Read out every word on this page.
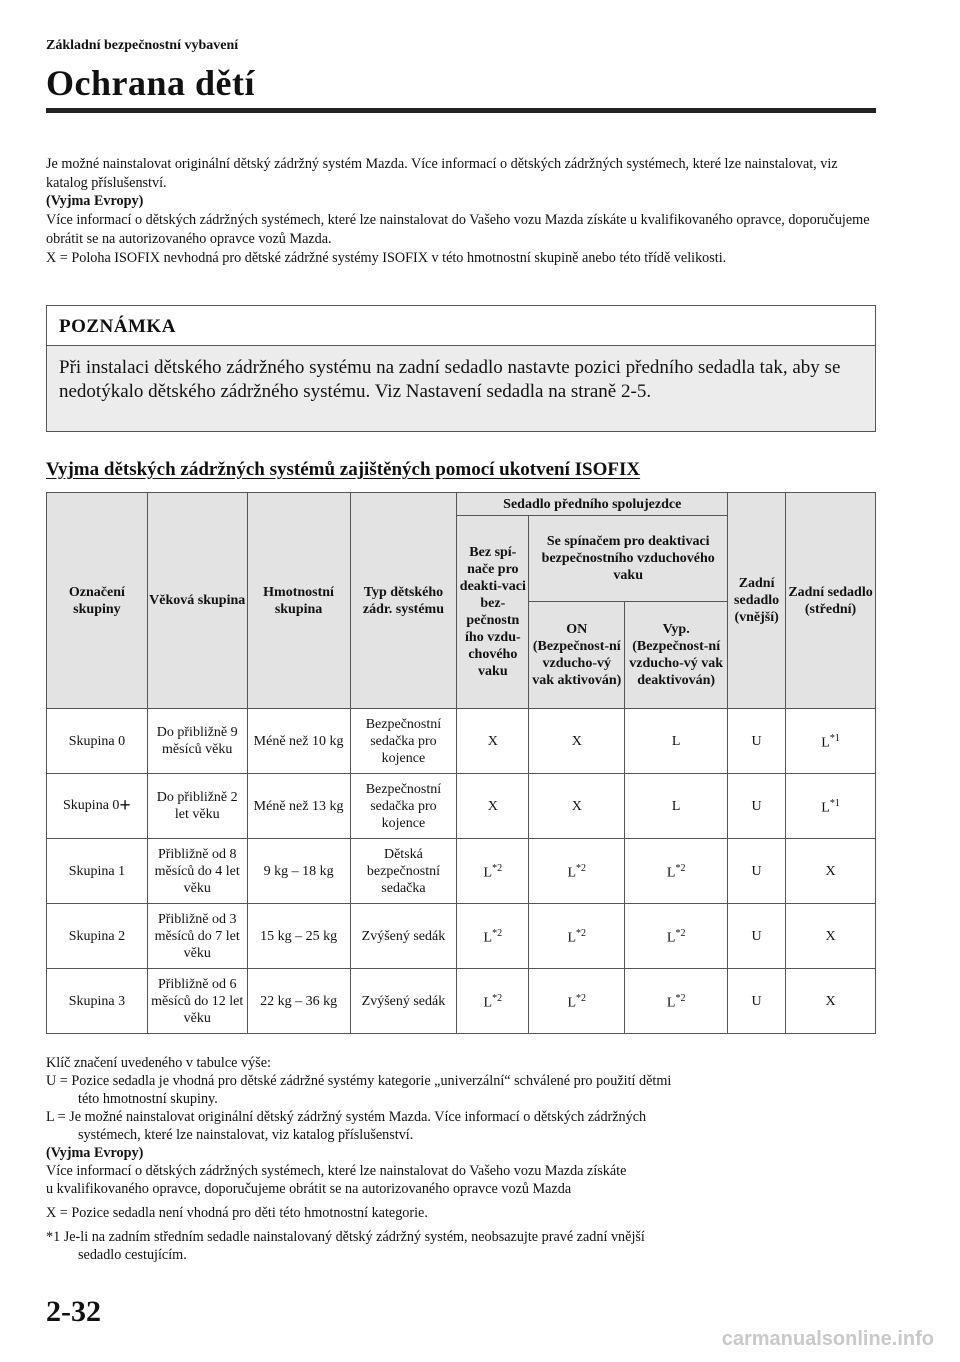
Základní bezpečnostní vybavení
Ochrana dětí

Je možné nainstalovat originální dětský zádržný systém Mazda. Více informací o dětských zádržných systémech, které lze nainstalovat, viz katalog příslušenství.

(Vyjma Evropy)

Více informací o dětských zádržných systémech, které lze nainstalovat do Vašeho vozu Mazda získáte u kvalifikovaného opravce, doporučujeme obrátit se na autorizovaného opravce vozů Mazda.

X = Poloha ISOFIX nevhodná pro dětské zádržné systémy ISOFIX v této hmotnostní skupině anebo této třídě velikosti.

POZNÁMKA
Při instalaci dětského zádržného systému na zadní sedadlo nastavte pozici předního sedadla tak, aby se nedotýkalo dětského zádržného systému. Viz Nastavení sedadla na straně 2-5.
Vyjma dětských zádržných systémů zajištěných pomocí ukotvení ISOFIX
Označení skupiny	Věková skupina	Hmotnostní skupina	Typ dětského zádr. systému	Sedadlo předního spolujezdce			Zadní sedadlo (vnější)	Zadní sedadlo (střední)
				Bez spí-nače pro deakti-vaci bez-pečnostn ího vzdu-chového vaku	Se spínačem pro deaktivaci bezpečnostního vzduchového vaku			
					ON (Bezpečnost-ní vzducho-vý vak aktivován)	Vyp. (Bezpečnost-ní vzducho-vý vak deaktivován)		
Skupina 0	Do přibližně 9 měsíců věku	Méně než 10 kg	Bezpečnostní sedačka pro kojence	X	X	L	U	$L^{*1}$
Skupina 0+	Do přibližně 2 let věku	Méně než 13 kg	Bezpečnostní sedačka pro kojence	X	X	L	U	$L^{*1}$
Skupina 1	Přibližně od 8 měsíců do 4 let věku	9 kg – 18 kg	Dětská bezpečnostní sedačka	$L^{*2}$	$L^{*2}$	$L^{*2}$	U	X
Skupina 2	Přibližně od 3 měsíců do 7 let věku	15 kg – 25 kg	Zvýšený sedák	$L^{*2}$	$L^{*2}$	$L^{*2}$	U	X
Skupina 3	Přibližně od 6 měsíců do 12 let věku	22 kg – 36 kg	Zvýšený sedák	$L^{*2}$	$L^{*2}$	$L^{*2}$	U	X

Klíč značení uvedeného v tabulce výše:

U = Pozice sedadla je vhodná pro dětské zádržné systémy kategorie „univerzální“ schválené pro použití dětmi

této hmotnostní skupiny.

L = Je možné nainstalovat originální dětský zádržný systém Mazda. Více informací o dětských zádržných

systémech, které lze nainstalovat, viz katalog příslušenství.

(Vyjma Evropy)

Více informací o dětských zádržných systémech, které lze nainstalovat do Vašeho vozu Mazda získáte

u kvalifikovaného opravce, doporučujeme obrátit se na autorizovaného opravce vozů Mazda

X = Pozice sedadla není vhodná pro děti této hmotnostní kategorie.

*1 Je-li na zadním středním sedadle nainstalovaný dětský zádržný systém, neobsazujte pravé zadní vnější

sedadlo cestujícím.

2-32
carmanualsonline.info
